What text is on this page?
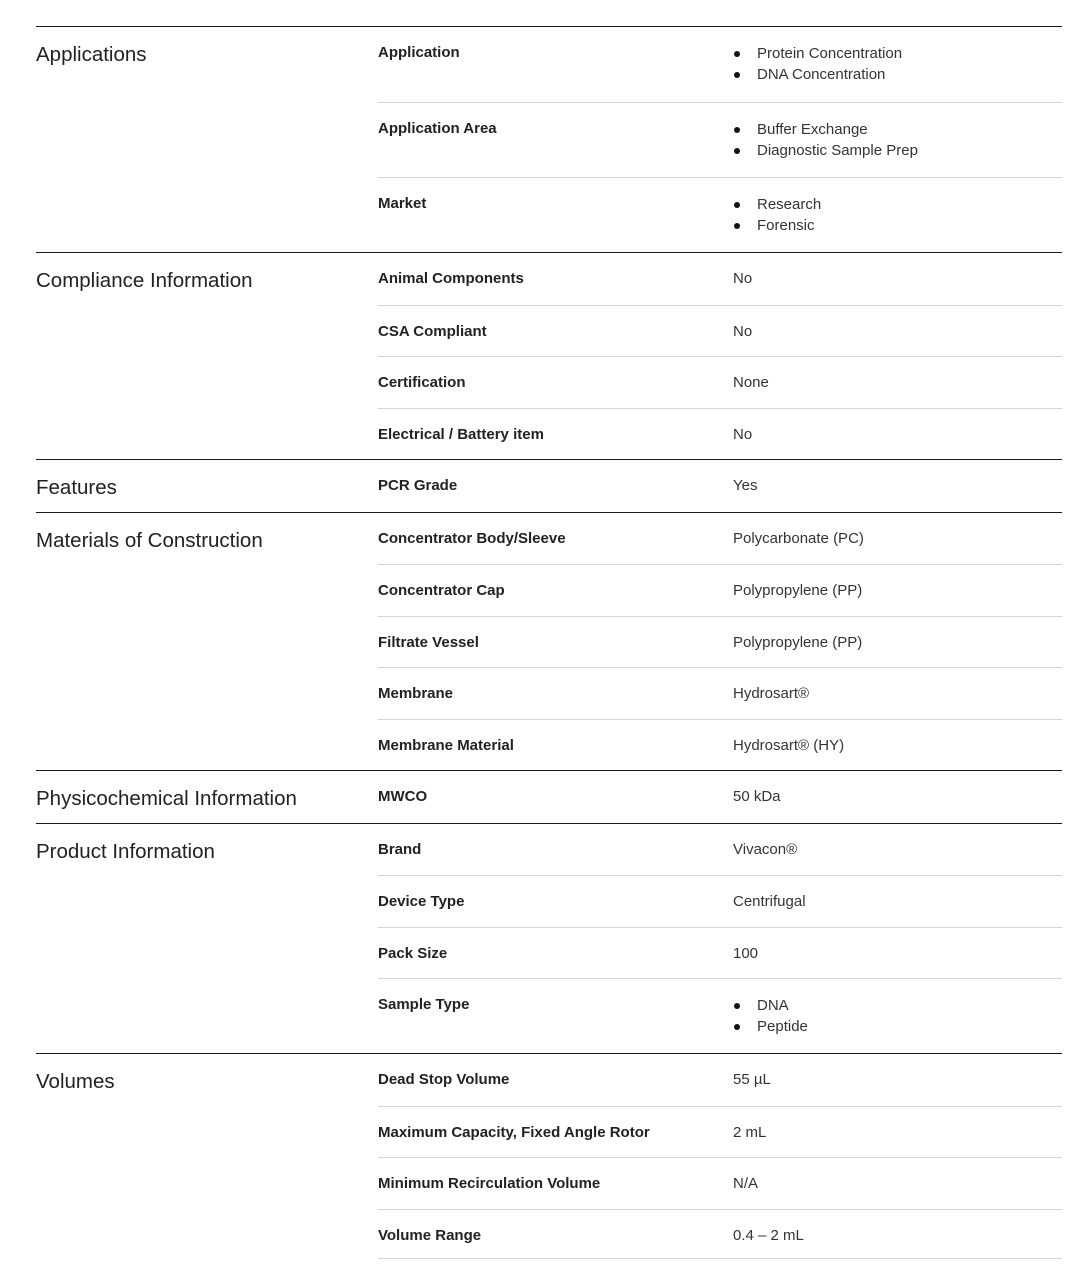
Applications	Application	Protein Concentration
DNA Concentration
Application Area	Buffer Exchange
Diagnostic Sample Prep
Market	Research
Forensic
Compliance Information	Animal Components	No
CSA Compliant	No
Certification	None
Electrical / Battery item	No
Features	PCR Grade	Yes
Materials of Construction	Concentrator Body/Sleeve	Polycarbonate (PC)
Concentrator Cap	Polypropylene (PP)
Filtrate Vessel	Polypropylene (PP)
Membrane	Hydrosart®
Membrane Material	Hydrosart® (HY)
Physicochemical Information	MWCO	50 kDa
Product Information	Brand	Vivacon®
Device Type	Centrifugal
Pack Size	100
Sample Type	DNA
Peptide
Volumes	Dead Stop Volume	55 µL
Maximum Capacity, Fixed Angle Rotor	2 mL
Minimum Recirculation Volume	N/A
Volume Range	0.4 – 2 mL
